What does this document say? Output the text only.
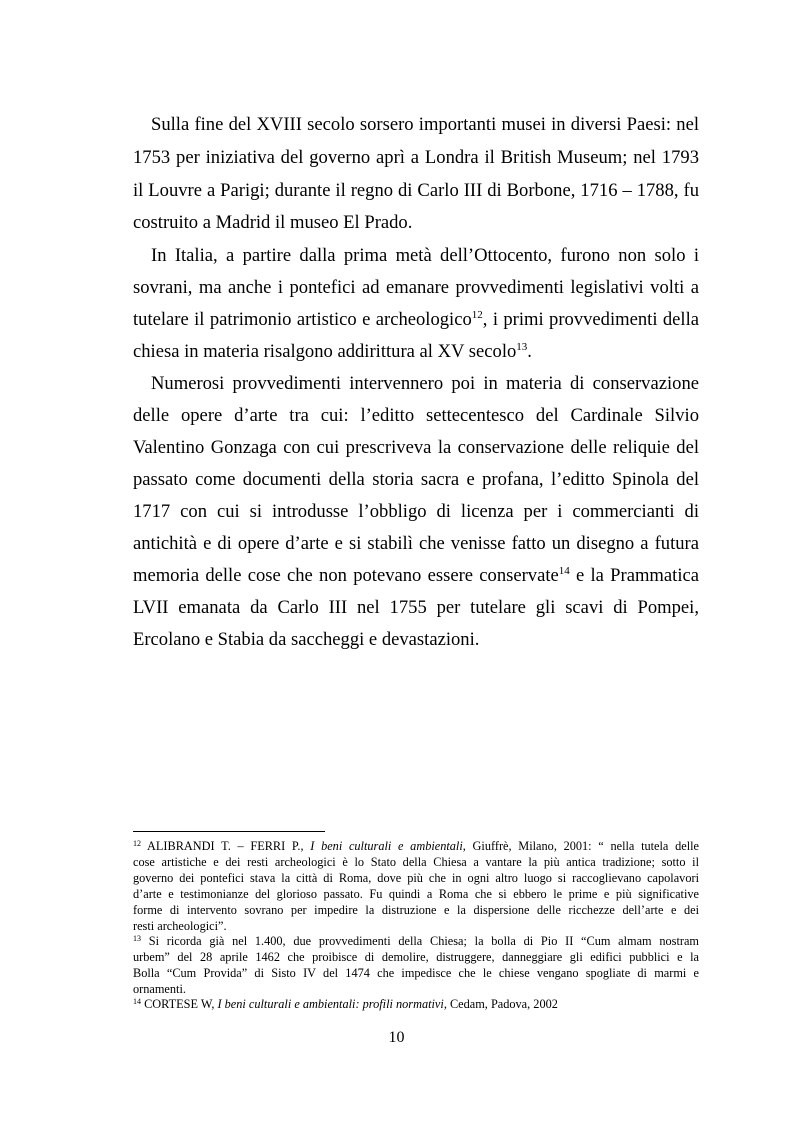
Sulla fine del XVIII secolo sorsero importanti musei in diversi Paesi: nel
1753 per iniziativa del governo aprì a Londra il British Museum; nel 1793
il Louvre a Parigi; durante il regno di Carlo III di Borbone, 1716 – 1788, fu
costruito a Madrid il museo El Prado.
In Italia, a partire dalla prima metà dell’Ottocento, furono non solo i
sovrani, ma anche i pontefici ad emanare provvedimenti legislativi volti a
tutelare il patrimonio artistico e archeologico$^{12}$, i primi provvedimenti della
chiesa in materia risalgono addirittura al XV secolo$^{13}$.
Numerosi provvedimenti intervennero poi in materia di conservazione
delle opere d’arte tra cui: l’editto settecentesco del Cardinale Silvio
Valentino Gonzaga con cui prescriveva la conservazione delle reliquie del
passato come documenti della storia sacra e profana, l’editto Spinola del
1717 con cui si introdusse l’obbligo di licenza per i commercianti di
antichità e di opere d’arte e si stabilì che venisse fatto un disegno a futura
memoria delle cose che non potevano essere conservate$^{14}$ e la Prammatica
LVII emanata da Carlo III nel 1755 per tutelare gli scavi di Pompei,
Ercolano e Stabia da saccheggi e devastazioni.
$^{12}$ ALIBRANDI T. – FERRI P., I beni culturali e ambientali, Giuffrè, Milano, 2001: “ nella tutela delle
cose artistiche e dei resti archeologici è lo Stato della Chiesa a vantare la più antica tradizione; sotto il
governo dei pontefici stava la città di Roma, dove più che in ogni altro luogo si raccoglievano capolavori
d’arte e testimonianze del glorioso passato. Fu quindi a Roma che si ebbero le prime e più significative
forme di intervento sovrano per impedire la distruzione e la dispersione delle ricchezze dell’arte e dei
resti archeologici”.
$^{13}$ Si ricorda già nel 1.400, due provvedimenti della Chiesa; la bolla di Pio II “Cum almam nostram
urbem” del 28 aprile 1462 che proibisce di demolire, distruggere, danneggiare gli edifici pubblici e la
Bolla “Cum Provida” di Sisto IV del 1474 che impedisce che le chiese vengano spogliate di marmi e
ornamenti.
$^{14}$ CORTESE W, I beni culturali e ambientali: profili normativi, Cedam, Padova, 2002
10
